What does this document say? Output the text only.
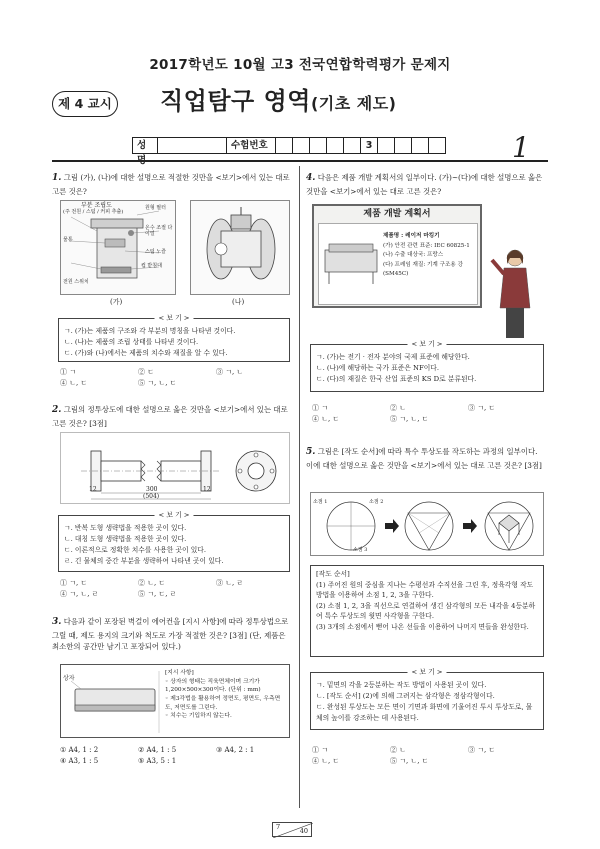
2017학년도 10월 고3 전국연합학력평가 문제지
제 4 교시 직업탐구 영역(기초 제도)
성명
수험번호	3	1
1. 그림 (가), (나)에 대한 설명으로 적절한 것만을 <보기>에서 있는 대로 고른 것은?
부분 조립도
(주 전원 / 스팀 / 커피 추출)
원형 필터
온수 조절 다이얼
물통
스팀 노즐
컵 받침대
전원 스위치
(가)	(나)
< 보 기 >
ㄱ. (가)는 제품의 구조와 각 부분의 명칭을 나타낸 것이다.
ㄴ. (나)는 제품의 조립 상태를 나타낸 것이다.
ㄷ. (가)와 (나)에서는 제품의 치수와 재질을 알 수 있다.
① ㄱ	② ㄷ	③ ㄱ, ㄴ
④ ㄴ, ㄷ	⑤ ㄱ, ㄴ, ㄷ
2. 그림의 정투상도에 대한 설명으로 옳은 것만을 <보기>에서 있는 대로 고른 것은? [3점]
300
(504)
12	12
< 보 기 >
ㄱ. 반복 도형 생략법을 적용한 곳이 있다.
ㄴ. 대칭 도형 생략법을 적용한 곳이 있다.
ㄷ. 이론적으로 정확한 치수를 사용한 곳이 있다.
ㄹ. 긴 물체의 중간 부분을 생략하여 나타낸 곳이 있다.
① ㄱ, ㄷ	② ㄴ, ㄷ	③ ㄴ, ㄹ
④ ㄱ, ㄴ, ㄹ	⑤ ㄱ, ㄷ, ㄹ
3. 다음과 같이 포장된 벽걸이 에어컨을 [지시 사항]에 따라 정투상법으로 그릴 때, 제도 용지의 크기와 척도로 가장 적절한 것은? [3점] (단, 제품은 최소한의 공간만 남기고 포장되어 있다.)
상자
[지시 사항]
◦ 상자의 형태는 직육면체이며 크기가 1,200×500×300이다. (단위 : mm)
◦ 제3각법을 활용하여 정면도, 평면도, 우측면도, 저면도를 그린다.
◦ 치수는 기입하지 않는다.
① A4, 1 : 2	② A4, 1 : 5	③ A4, 2 : 1
④ A3, 1 : 5	⑤ A3, 5 : 1
4. 다음은 제품 개발 계획서의 일부이다. (가)~(다)에 대한 설명으로 옳은 것만을 <보기>에서 있는 대로 고른 것은?
제품 개발 계획서
제품명 : 레이저 마킹기
(가) 안전 관련 표준: IEC 60825-1
(나) 수출 대상국: 프랑스
(다) 프레임 재질: 기계 구조용 강 (SM45C)
< 보 기 >
ㄱ. (가)는 전기 · 전자 분야의 국제 표준에 해당한다.
ㄴ. (나)에 해당하는 국가 표준은 NF이다.
ㄷ. (다)의 재질은 한국 산업 표준의 KS D로 분류된다.
① ㄱ	② ㄴ	③ ㄱ, ㄷ
④ ㄴ, ㄷ	⑤ ㄱ, ㄴ, ㄷ
5. 그림은 [작도 순서]에 따라 특수 투상도를 작도하는 과정의 일부이다. 이에 대한 설명으로 옳은 것만을 <보기>에서 있는 대로 고른 것은? [3점]
소점 1	소점 2
소점 3
[작도 순서]
(1) 주어진 원의 중심을 지나는 수평선과 수직선을 그린 후, 정육각형 작도 방법을 이용하여 소점 1, 2, 3을 구한다.
(2) 소점 1, 2, 3을 직선으로 연결하여 생긴 삼각형의 모든 내각을 4등분하여 특수 투상도의 윗면 사각형을 구한다.
(3) 3개의 소점에서 뻗어 나온 선들을 이용하여 나머지 면들을 완성한다.
< 보 기 >
ㄱ. 밑면의 각을 2등분하는 작도 방법이 사용된 곳이 있다.
ㄴ. [작도 순서] (2)에 의해 그려지는 삼각형은 정삼각형이다.
ㄷ. 완성된 투상도는 모든 면이 기면과 화면에 기울어진 투시 투상도로, 물체의 높이를 강조하는 데 사용된다.
① ㄱ	② ㄴ	③ ㄱ, ㄷ
④ ㄴ, ㄷ	⑤ ㄱ, ㄴ, ㄷ
7	40
